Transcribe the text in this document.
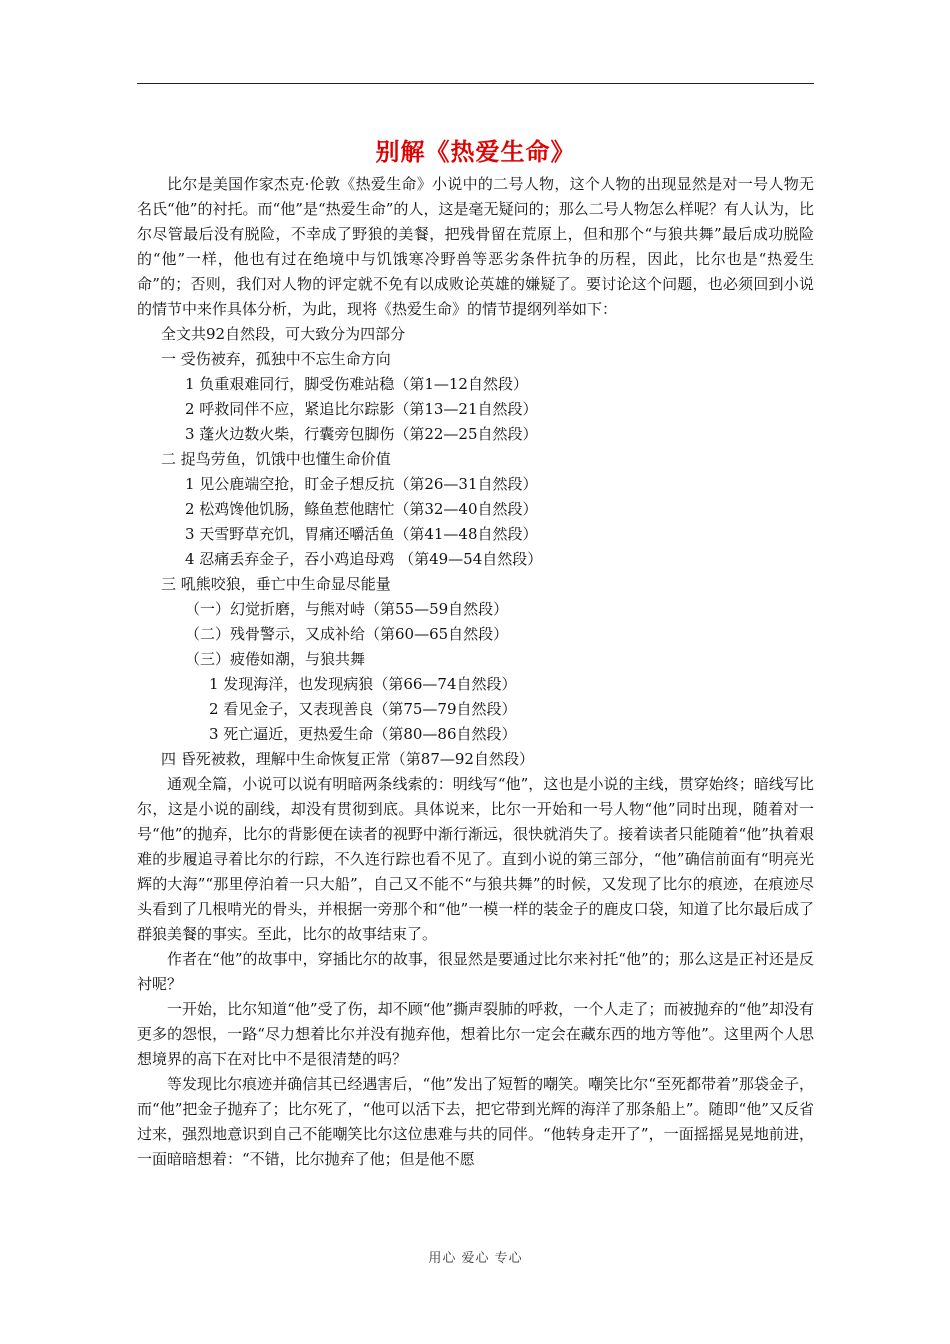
别解《热爱生命》

比尔是美国作家杰克·伦敦《热爱生命》小说中的二号人物，这个人物的出现显然是对一号人物无名氏“他”的衬托。而“他”是“热爱生命”的人，这是毫无疑问的；那么二号人物怎么样呢？有人认为，比尔尽管最后没有脱险，不幸成了野狼的美餐，把残骨留在荒原上，但和那个“与狼共舞”最后成功脱险的“他”一样，他也有过在绝境中与饥饿寒冷野兽等恶劣条件抗争的历程，因此，比尔也是“热爱生命”的；否则，我们对人物的评定就不免有以成败论英雄的嫌疑了。要讨论这个问题，也必须回到小说的情节中来作具体分析，为此，现将《热爱生命》的情节提纲列举如下：

全文共92自然段，可大致分为四部分

一 受伤被弃，孤独中不忘生命方向

1 负重艰难同行，脚受伤难站稳（第1—12自然段）

2 呼救同伴不应，紧追比尔踪影（第13—21自然段）

3 蓬火边数火柴，行囊旁包脚伤（第22—25自然段）

二 捉鸟劳鱼，饥饿中也懂生命价值

1 见公鹿端空抢，盯金子想反抗（第26—31自然段）

2 松鸡馋他饥肠，鲦鱼惹他瞎忙（第32—40自然段）

3 天雪野草充饥，胃痛还嚼活鱼（第41—48自然段）

4 忍痛丢弃金子，吞小鸡追母鸡 （第49—54自然段）

三 吼熊咬狼，垂亡中生命显尽能量

（一）幻觉折磨，与熊对峙（第55—59自然段）

（二）残骨警示，又成补给（第60—65自然段）

（三）疲倦如潮，与狼共舞

1 发现海洋，也发现病狼（第66—74自然段）

2 看见金子，又表现善良（第75—79自然段）

3 死亡逼近，更热爱生命（第80—86自然段）

四 昏死被救，理解中生命恢复正常（第87—92自然段）

通观全篇，小说可以说有明暗两条线索的：明线写“他”，这也是小说的主线，贯穿始终；暗线写比尔，这是小说的副线，却没有贯彻到底。具体说来，比尔一开始和一号人物“他”同时出现，随着对一号“他”的抛弃，比尔的背影便在读者的视野中渐行渐远，很快就消失了。接着读者只能随着“他”执着艰难的步履追寻着比尔的行踪，不久连行踪也看不见了。直到小说的第三部分，“他”确信前面有“明亮光辉的大海”“那里停泊着一只大船”，自己又不能不“与狼共舞”的时候，又发现了比尔的痕迹，在痕迹尽头看到了几根啃光的骨头，并根据一旁那个和“他”一模一样的装金子的鹿皮口袋，知道了比尔最后成了群狼美餐的事实。至此，比尔的故事结束了。

作者在“他”的故事中，穿插比尔的故事，很显然是要通过比尔来衬托“他”的；那么这是正衬还是反衬呢？

一开始，比尔知道“他”受了伤，却不顾“他”撕声裂肺的呼救，一个人走了；而被抛弃的“他”却没有更多的怨恨，一路“尽力想着比尔并没有抛弃他，想着比尔一定会在藏东西的地方等他”。这里两个人思想境界的高下在对比中不是很清楚的吗？

等发现比尔痕迹并确信其已经遇害后，“他”发出了短暂的嘲笑。嘲笑比尔“至死都带着”那袋金子，而“他”把金子抛弃了；比尔死了，“他可以活下去，把它带到光辉的海洋了那条船上”。随即“他”又反省过来，强烈地意识到自己不能嘲笑比尔这位患难与共的同伴。“他转身走开了”，一面摇摇晃晃地前进，一面暗暗想着：“不错，比尔抛弃了他；但是他不愿

用心 爱心 专心
